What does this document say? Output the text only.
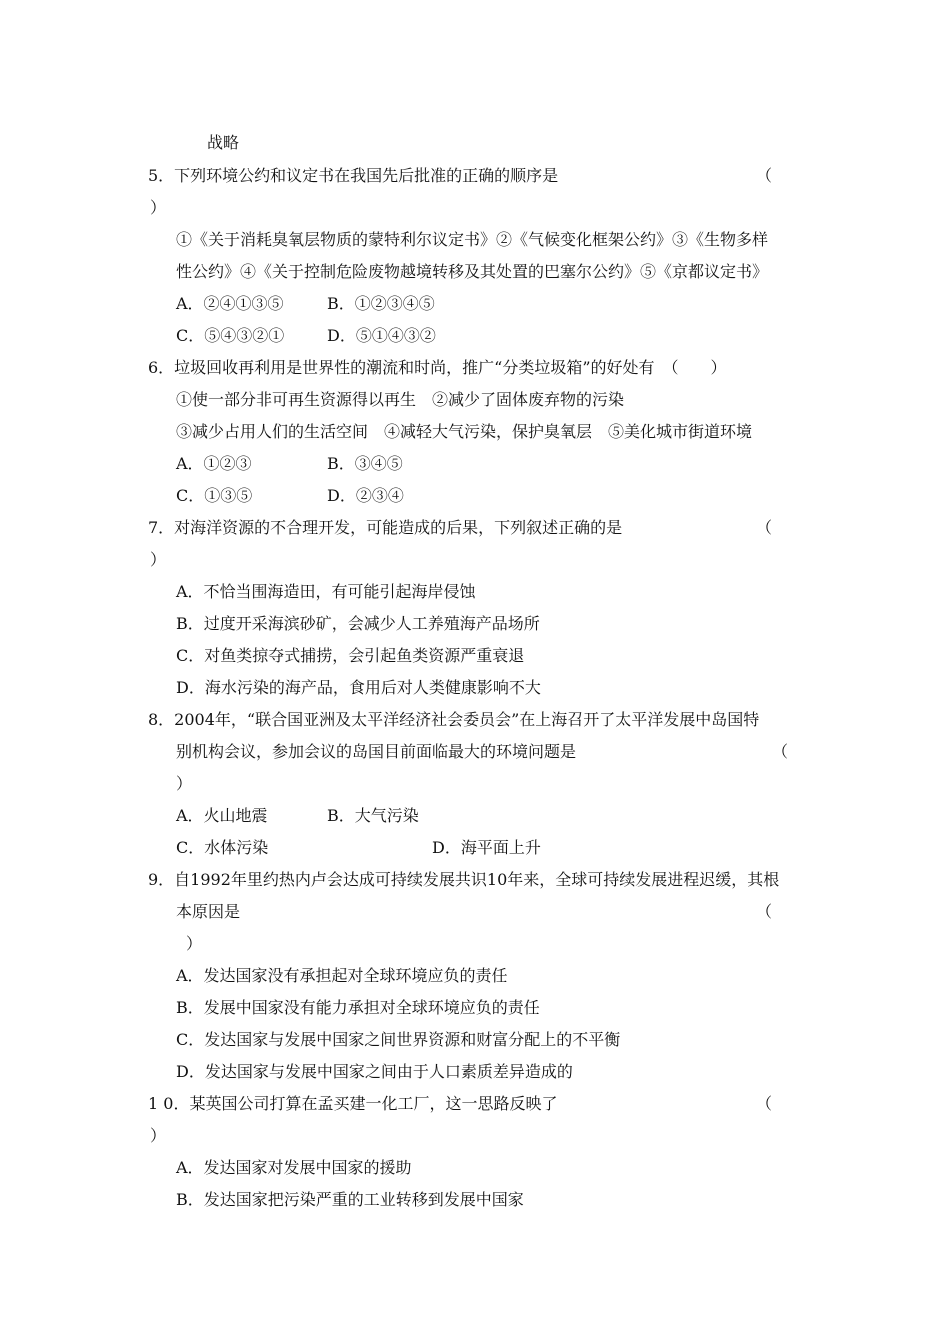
战略
5．下列环境公约和议定书在我国先后批准的正确的顺序是	（
）
①《关于消耗臭氧层物质的蒙特利尔议定书》②《气候变化框架公约》③《生物多样
性公约》④《关于控制危险废物越境转移及其处置的巴塞尔公约》⑤《京都议定书》
A．②④①③⑤	B．①②③④⑤
C．⑤④③②①	D．⑤①④③②
6．垃圾回收再利用是世界性的潮流和时尚，推广“分类垃圾箱”的好处有　（　　）
①使一部分非可再生资源得以再生　②减少了固体废弃物的污染
③减少占用人们的生活空间　④减轻大气污染，保护臭氧层　⑤美化城市街道环境
A．①②③	B．③④⑤
C．①③⑤	D．②③④
7．对海洋资源的不合理开发，可能造成的后果，下列叙述正确的是	（
）
A．不恰当围海造田，有可能引起海岸侵蚀
B．过度开采海滨砂矿，会减少人工养殖海产品场所
C．对鱼类掠夺式捕捞，会引起鱼类资源严重衰退
D．海水污染的海产品，食用后对人类健康影响不大
8．2004年，“联合国亚洲及太平洋经济社会委员会”在上海召开了太平洋发展中岛国特
别机构会议，参加会议的岛国目前面临最大的环境问题是	（
）
A．火山地震	B．大气污染
C．水体污染	D．海平面上升
9．自1992年里约热内卢会达成可持续发展共识10年来，全球可持续发展进程迟缓，其根
本原因是	（
）
A．发达国家没有承担起对全球环境应负的责任
B．发展中国家没有能力承担对全球环境应负的责任
C．发达国家与发展中国家之间世界资源和财富分配上的不平衡
D．发达国家与发展中国家之间由于人口素质差异造成的
1 0．某英国公司打算在孟买建一化工厂，这一思路反映了	（
）
A．发达国家对发展中国家的援助
B．发达国家把污染严重的工业转移到发展中国家
